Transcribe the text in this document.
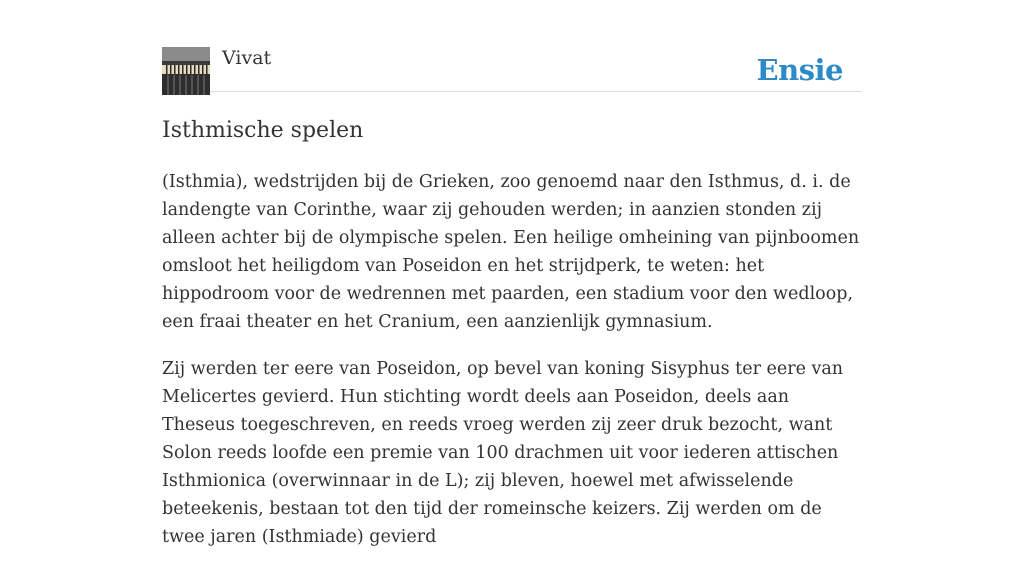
Vivat	Ensie
Isthmische spelen

(Isthmia), wedstrijden bij de Grieken, zoo genoemd naar den Isthmus, d. i. de landengte van Corinthe, waar zij gehouden werden; in aanzien stonden zij alleen achter bij de olympische spelen. Een heilige omheining van pijnboomen omsloot het heiligdom van Poseidon en het strijdperk, te weten: het hippodroom voor de wedrennen met paarden, een stadium voor den wedloop, een fraai theater en het Cranium, een aanzienlijk gymnasium.

Zij werden ter eere van Poseidon, op bevel van koning Sisyphus ter eere van Melicertes gevierd. Hun stichting wordt deels aan Poseidon, deels aan Theseus toegeschreven, en reeds vroeg werden zij zeer druk bezocht, want Solon reeds loofde een premie van 100 drachmen uit voor iederen attischen Isthmionica (overwinnaar in de L); zij bleven, hoewel met afwisselende beteekenis, bestaan tot den tijd der romeinsche keizers. Zij werden om de twee jaren (Isthmiade) gevierd
